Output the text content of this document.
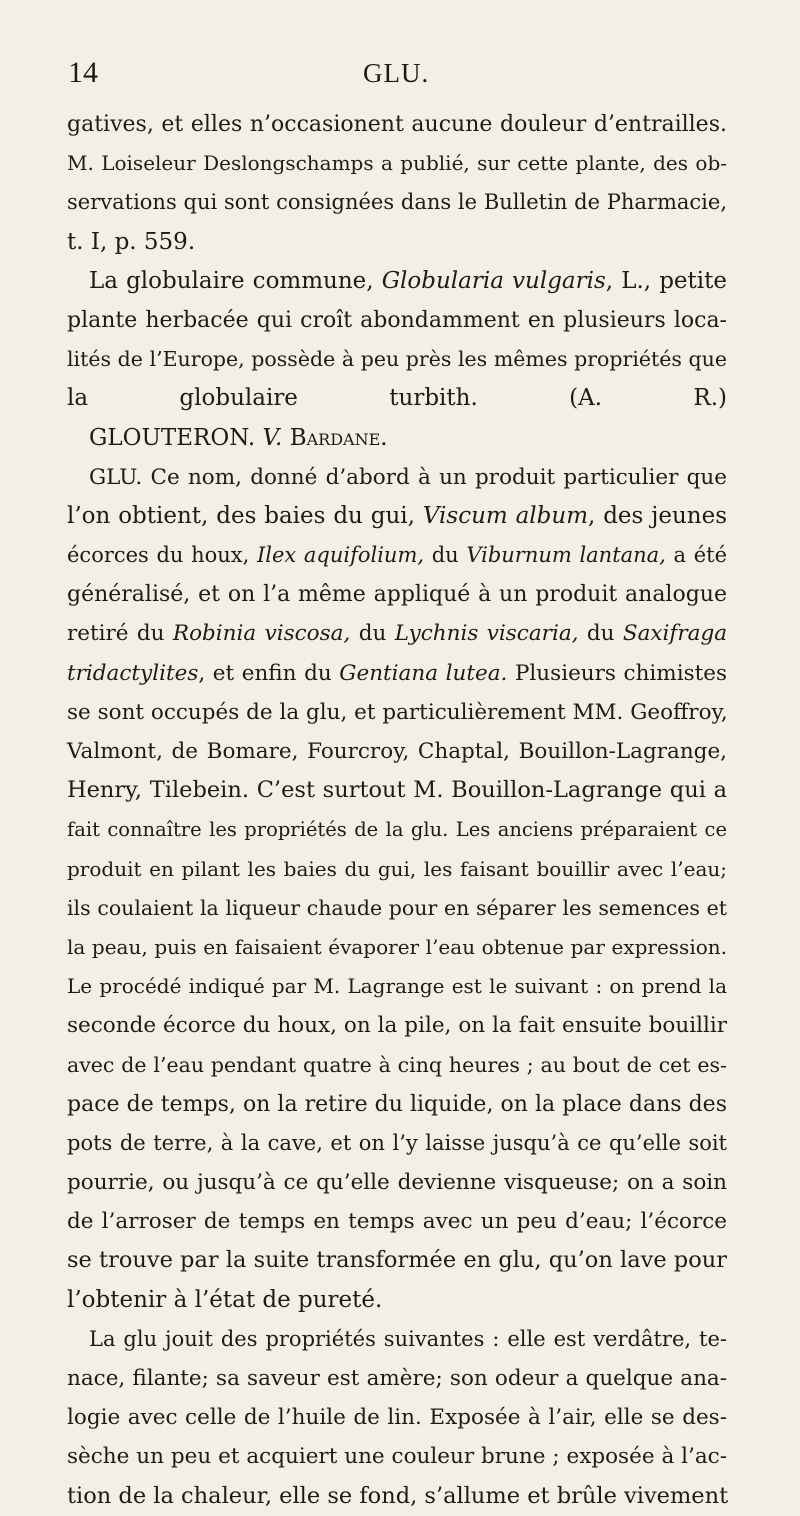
14	GLU.
gatives, et elles n’occasionent aucune douleur d’entrailles.
M. Loiseleur Deslongschamps a publié, sur cette plante, des ob-
servations qui sont consignées dans le Bulletin de Pharmacie,
t. I, p. 559.
La globulaire commune, Globularia vulgaris, L., petite
plante herbacée qui croît abondamment en plusieurs loca-
lités de l’Europe, possède à peu près les mêmes propriétés que
la globulaire turbith. (A. R.)
GLOUTERON. V. Bardane.
GLU. Ce nom, donné d’abord à un produit particulier que
l’on obtient, des baies du gui, Viscum album, des jeunes
écorces du houx, Ilex aquifolium, du Viburnum lantana, a été
généralisé, et on l’a même appliqué à un produit analogue
retiré du Robinia viscosa, du Lychnis viscaria, du Saxifraga
tridactylites, et enfin du Gentiana lutea. Plusieurs chimistes
se sont occupés de la glu, et particulièrement MM. Geoffroy,
Valmont, de Bomare, Fourcroy, Chaptal, Bouillon-Lagrange,
Henry, Tilebein. C’est surtout M. Bouillon-Lagrange qui a
fait connaître les propriétés de la glu. Les anciens préparaient ce
produit en pilant les baies du gui, les faisant bouillir avec l’eau;
ils coulaient la liqueur chaude pour en séparer les semences et
la peau, puis en faisaient évaporer l’eau obtenue par expression.
Le procédé indiqué par M. Lagrange est le suivant : on prend la
seconde écorce du houx, on la pile, on la fait ensuite bouillir
avec de l’eau pendant quatre à cinq heures ; au bout de cet es-
pace de temps, on la retire du liquide, on la place dans des
pots de terre, à la cave, et on l’y laisse jusqu’à ce qu’elle soit
pourrie, ou jusqu’à ce qu’elle devienne visqueuse; on a soin
de l’arroser de temps en temps avec un peu d’eau; l’écorce
se trouve par la suite transformée en glu, qu’on lave pour
l’obtenir à l’état de pureté.
La glu jouit des propriétés suivantes : elle est verdâtre, te-
nace, filante; sa saveur est amère; son odeur a quelque ana-
logie avec celle de l’huile de lin. Exposée à l’air, elle se des-
sèche un peu et acquiert une couleur brune ; exposée à l’ac-
tion de la chaleur, elle se fond, s’allume et brûle vivement
